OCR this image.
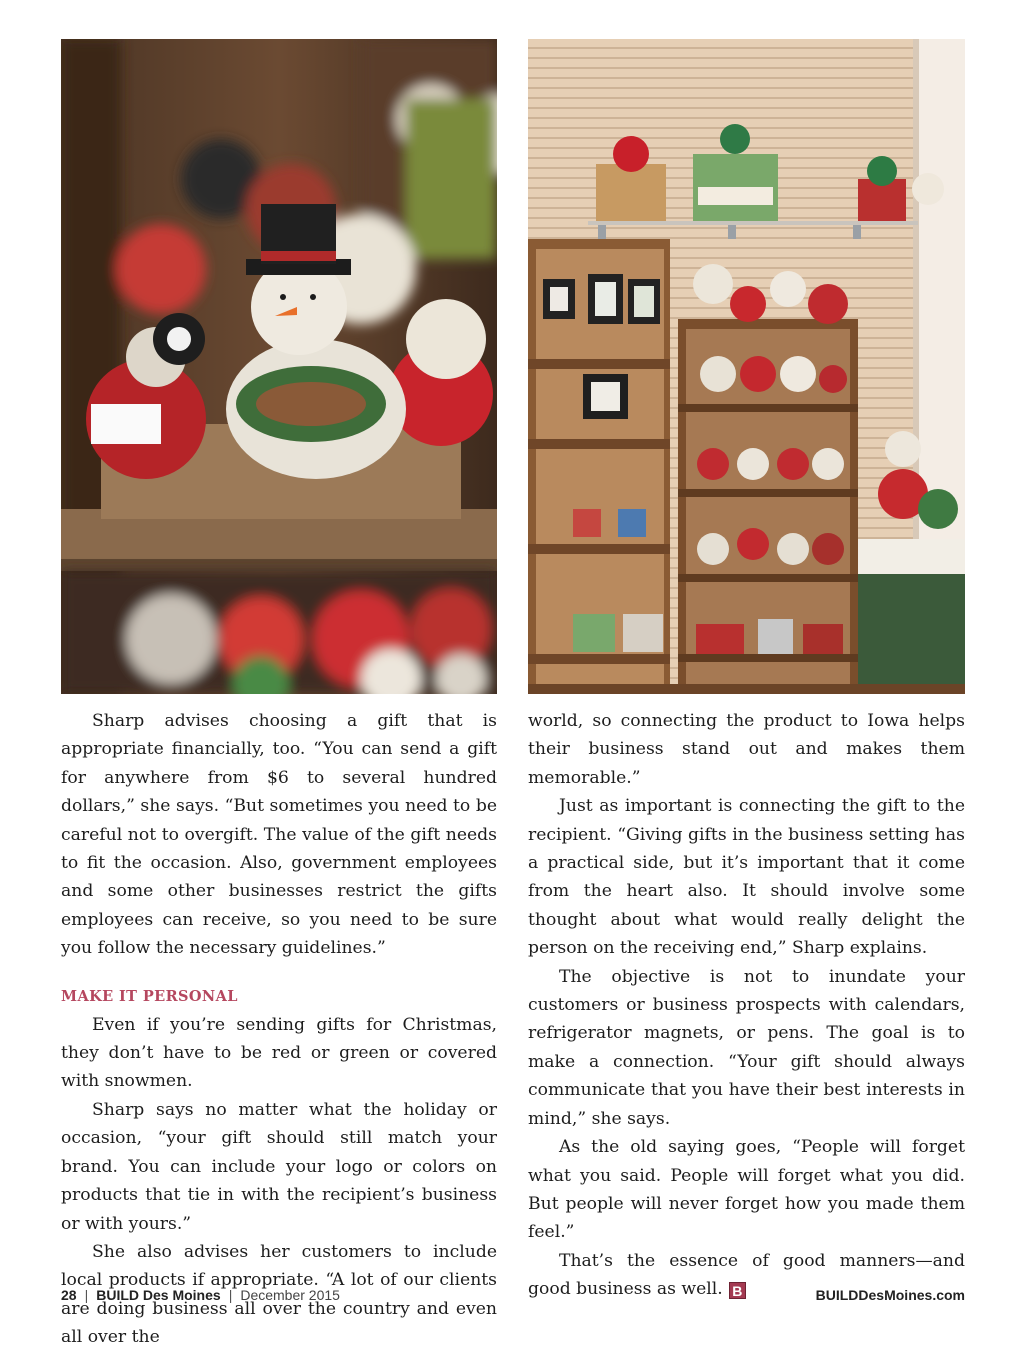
Sharp advises choosing a gift that is appropriate financially, too. “You can send a gift for anywhere from $6 to several hundred dollars,” she says. “But sometimes you need to be careful not to overgift. The value of the gift needs to fit the occasion. Also, government employees and some other businesses restrict the gifts employees can receive, so you need to be sure you follow the necessary guidelines.”

MAKE IT PERSONAL

Even if you’re sending gifts for Christmas, they don’t have to be red or green or covered with snowmen.

Sharp says no matter what the holiday or occasion, “your gift should still match your brand. You can include your logo or colors on products that tie in with the recipient’s business or with yours.”

She also advises her customers to include local products if appropriate. “A lot of our clients are doing business all over the country and even all over the

world, so connecting the product to Iowa helps their business stand out and makes them memorable.”

Just as important is connecting the gift to the recipient. “Giving gifts in the business setting has a practical side, but it’s important that it come from the heart also. It should involve some thought about what would really delight the person on the receiving end,” Sharp explains.

The objective is not to inundate your customers or business prospects with calendars, refrigerator magnets, or pens. The goal is to make a connection. “Your gift should always communicate that you have their best interests in mind,” she says.

As the old saying goes, “People will forget what you said. People will forget what you did. But people will never forget how you made them feel.”

That’s the essence of good manners—and good business as well. B

28 | BUILD Des Moines | December 2015	BUILDDesMoines.com
